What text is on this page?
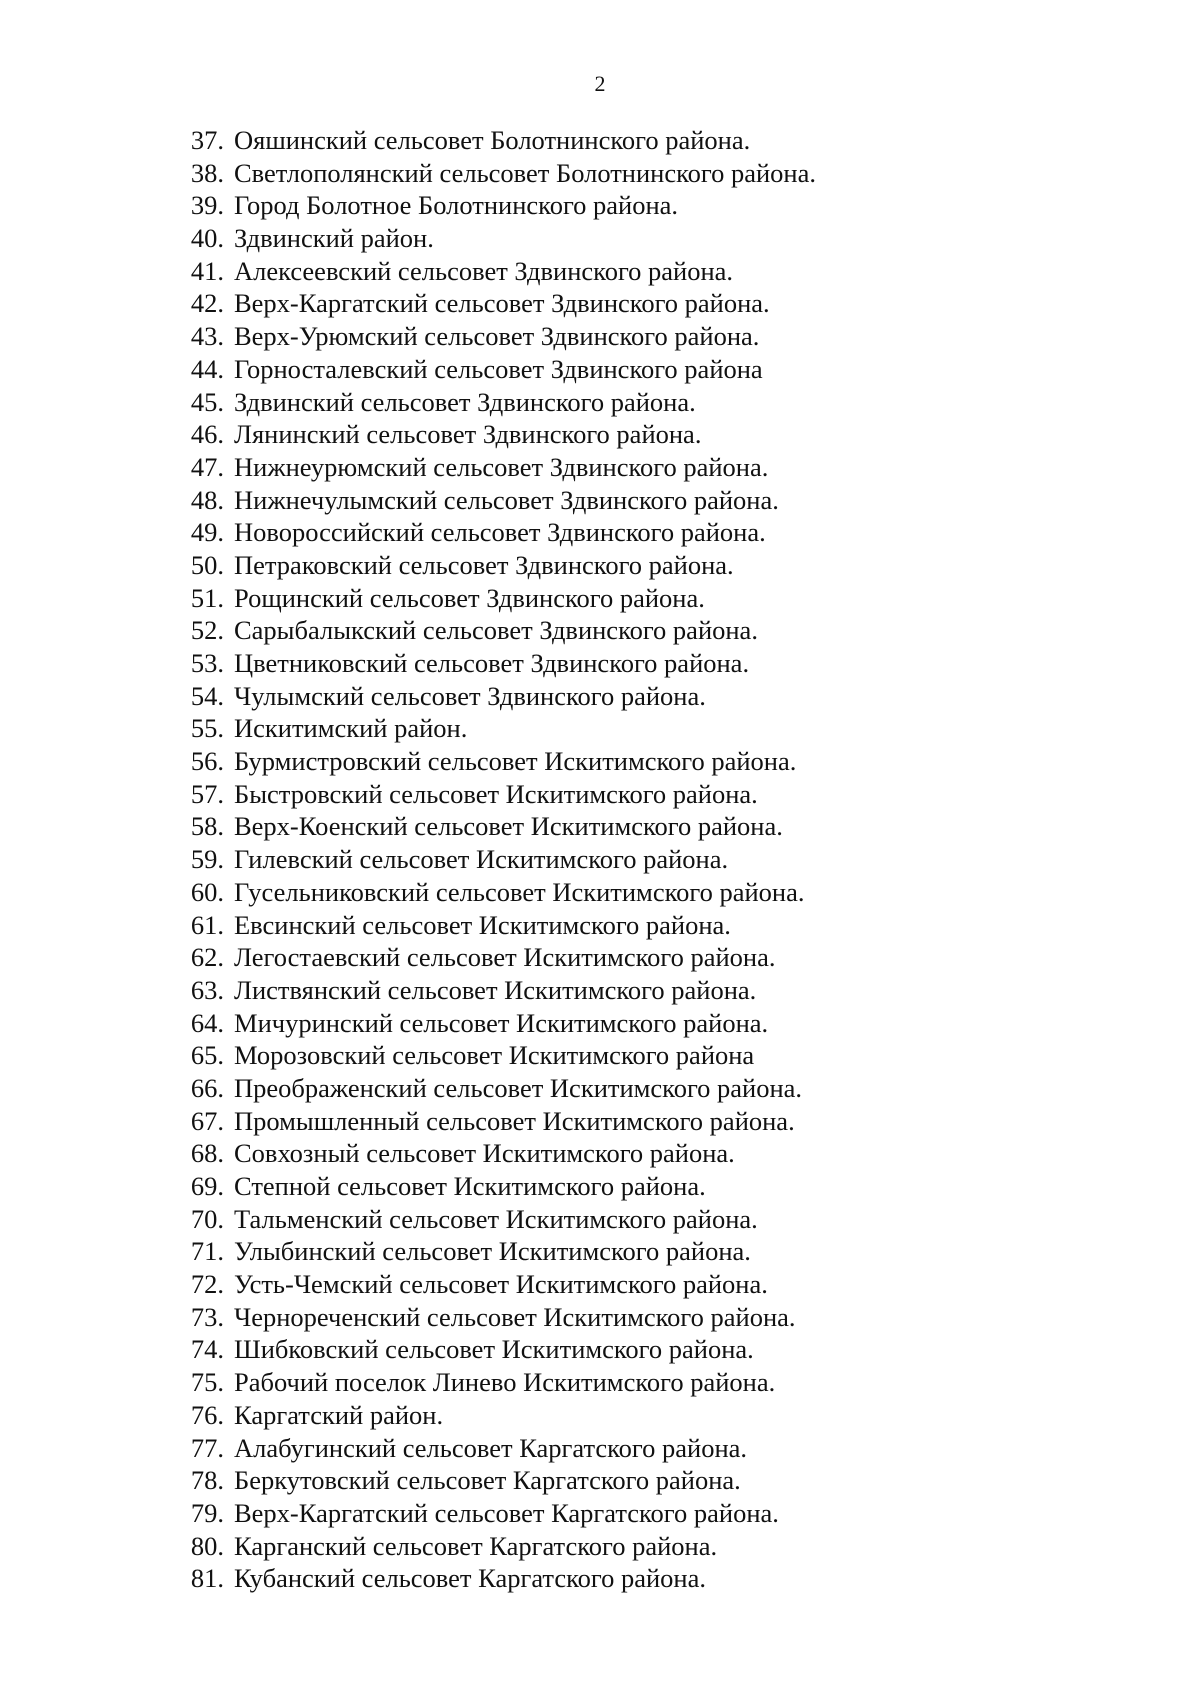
2
37. Ояшинский сельсовет Болотнинского района.
38. Светлополянский сельсовет Болотнинского района.
39. Город Болотное Болотнинского района.
40. Здвинский район.
41. Алексеевский сельсовет Здвинского района.
42. Верх-Каргатский сельсовет Здвинского района.
43. Верх-Урюмский сельсовет Здвинского района.
44. Горносталевский сельсовет Здвинского района
45. Здвинский сельсовет Здвинского района.
46. Лянинский сельсовет Здвинского района.
47. Нижнеурюмский сельсовет Здвинского района.
48. Нижнечулымский сельсовет Здвинского района.
49. Новороссийский сельсовет Здвинского района.
50. Петраковский сельсовет Здвинского района.
51. Рощинский сельсовет Здвинского района.
52. Сарыбалыкский сельсовет Здвинского района.
53. Цветниковский сельсовет Здвинского района.
54. Чулымский сельсовет Здвинского района.
55. Искитимский район.
56. Бурмистровский сельсовет Искитимского района.
57. Быстровский сельсовет Искитимского района.
58. Верх-Коенский сельсовет Искитимского района.
59. Гилевский сельсовет Искитимского района.
60. Гусельниковский сельсовет Искитимского района.
61. Евсинский сельсовет Искитимского района.
62. Легостаевский сельсовет Искитимского района.
63. Листвянский сельсовет Искитимского района.
64. Мичуринский сельсовет Искитимского района.
65. Морозовский сельсовет Искитимского района
66. Преображенский сельсовет Искитимского района.
67. Промышленный сельсовет Искитимского района.
68. Совхозный сельсовет Искитимского района.
69. Степной сельсовет Искитимского района.
70. Тальменский сельсовет Искитимского района.
71. Улыбинский сельсовет Искитимского района.
72. Усть-Чемский сельсовет Искитимского района.
73. Чернореченский сельсовет Искитимского района.
74. Шибковский сельсовет Искитимского района.
75. Рабочий поселок Линево Искитимского района.
76. Каргатский район.
77. Алабугинский сельсовет Каргатского района.
78. Беркутовский сельсовет Каргатского района.
79. Верх-Каргатский сельсовет Каргатского района.
80. Карганский сельсовет Каргатского района.
81. Кубанский сельсовет Каргатского района.
